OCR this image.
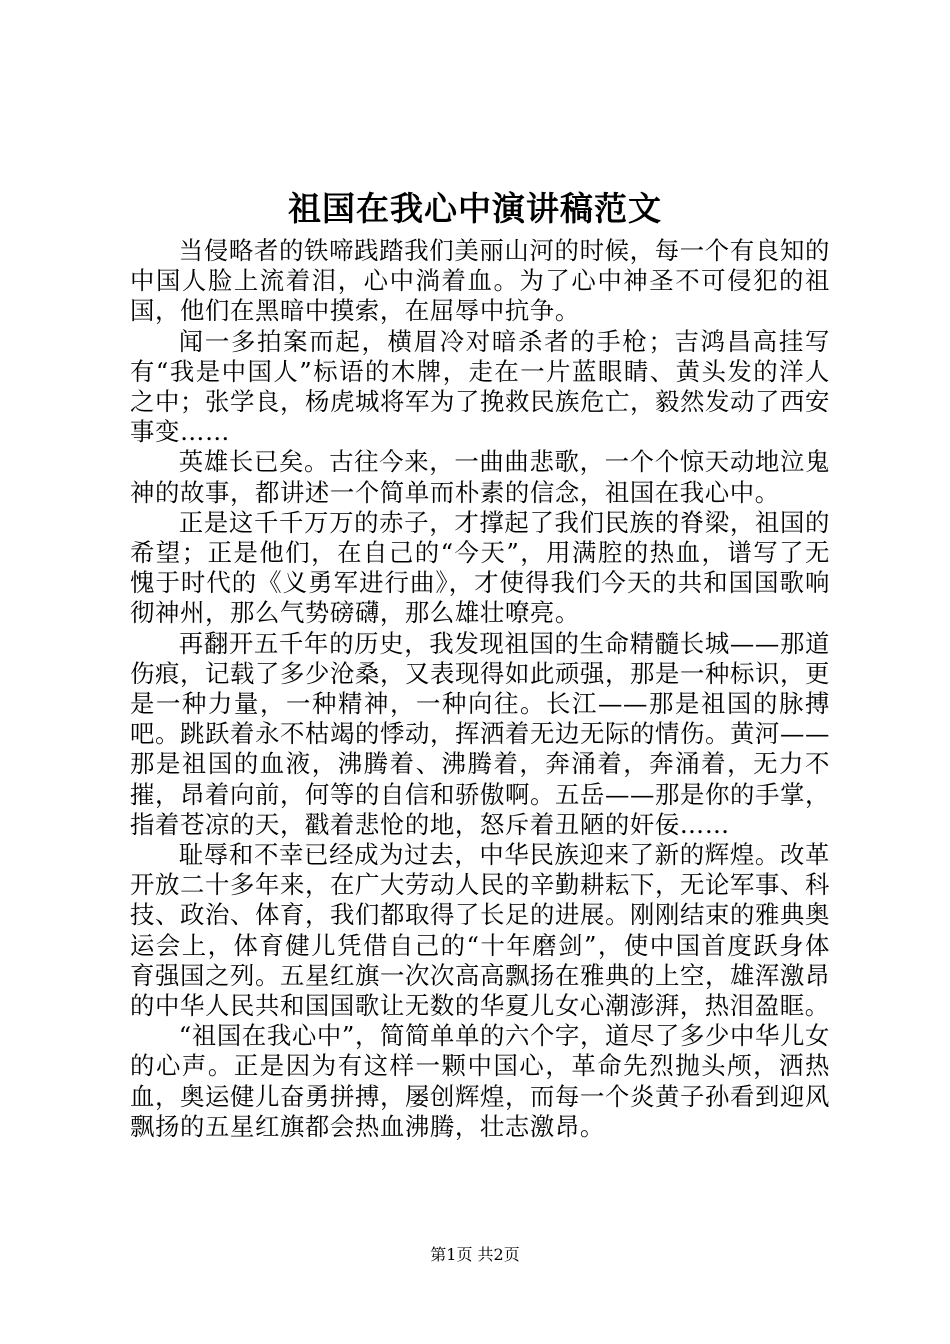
祖国在我心中演讲稿范文

当侵略者的铁啼践踏我们美丽山河的时候，每一个有良知的中国人脸上流着泪，心中淌着血。为了心中神圣不可侵犯的祖国，他们在黑暗中摸索，在屈辱中抗争。

闻一多拍案而起，横眉冷对暗杀者的手枪；吉鸿昌高挂写有“我是中国人”标语的木牌，走在一片蓝眼睛、黄头发的洋人之中；张学良，杨虎城将军为了挽救民族危亡，毅然发动了西安事变……

英雄长已矣。古往今来，一曲曲悲歌，一个个惊天动地泣鬼神的故事，都讲述一个简单而朴素的信念，祖国在我心中。

正是这千千万万的赤子，才撑起了我们民族的脊梁，祖国的希望；正是他们，在自己的“今天”，用满腔的热血，谱写了无愧于时代的《义勇军进行曲》，才使得我们今天的共和国国歌响彻神州，那么气势磅礴，那么雄壮嘹亮。

再翻开五千年的历史，我发现祖国的生命精髓长城——那道伤痕，记载了多少沧桑，又表现得如此顽强，那是一种标识，更是一种力量，一种精神，一种向往。长江——那是祖国的脉搏吧。跳跃着永不枯竭的悸动，挥洒着无边无际的情伤。黄河——那是祖国的血液，沸腾着、沸腾着，奔涌着，奔涌着，无力不摧，昂着向前，何等的自信和骄傲啊。五岳——那是你的手掌，指着苍凉的天，戳着悲怆的地，怒斥着丑陋的奸佞……

耻辱和不幸已经成为过去，中华民族迎来了新的辉煌。改革开放二十多年来，在广大劳动人民的辛勤耕耘下，无论军事、科技、政治、体育，我们都取得了长足的进展。刚刚结束的雅典奥运会上，体育健儿凭借自己的“十年磨剑”，使中国首度跃身体育强国之列。五星红旗一次次高高飘扬在雅典的上空，雄浑激昂的中华人民共和国国歌让无数的华夏儿女心潮澎湃，热泪盈眶。

“祖国在我心中”，简简单单的六个字，道尽了多少中华儿女的心声。正是因为有这样一颗中国心，革命先烈抛头颅，洒热血，奥运健儿奋勇拼搏，屡创辉煌，而每一个炎黄子孙看到迎风飘扬的五星红旗都会热血沸腾，壮志激昂。

第1页 共2页
